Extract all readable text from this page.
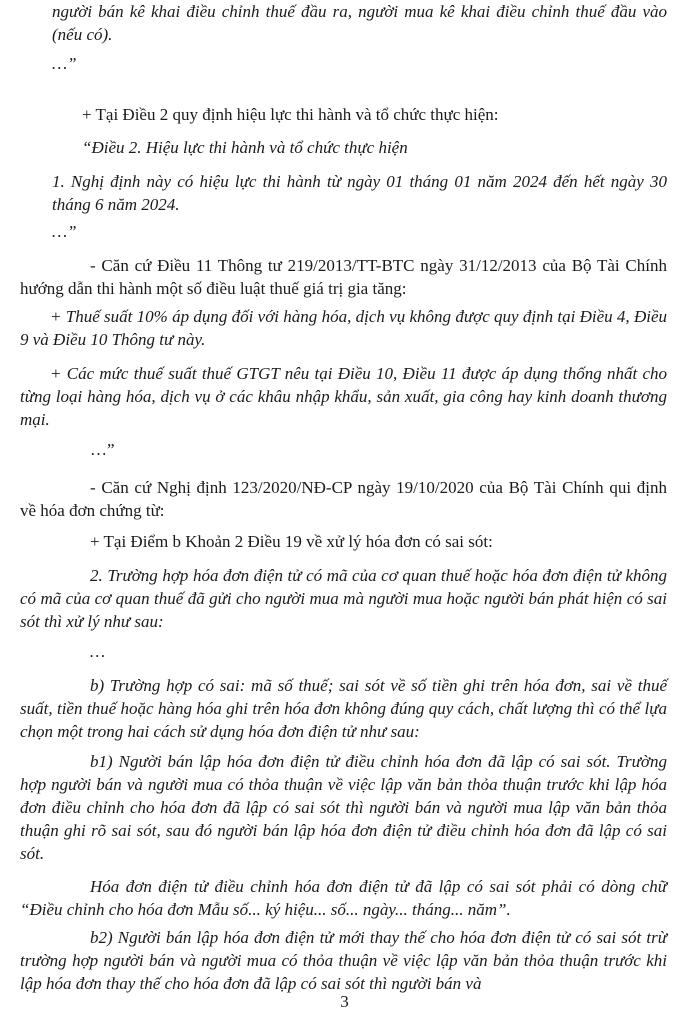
người bán kê khai điều chỉnh thuế đầu ra, người mua kê khai điều chỉnh thuế đầu vào (nếu có).

…”

+ Tại Điều 2 quy định hiệu lực thi hành và tổ chức thực hiện:

“Điều 2. Hiệu lực thi hành và tổ chức thực hiện

1. Nghị định này có hiệu lực thi hành từ ngày 01 tháng 01 năm 2024 đến hết ngày 30 tháng 6 năm 2024.

…”

- Căn cứ Điều 11 Thông tư 219/2013/TT-BTC ngày 31/12/2013 của Bộ Tài Chính hướng dẫn thi hành một số điều luật thuế giá trị gia tăng:

+ Thuế suất 10% áp dụng đối với hàng hóa, dịch vụ không được quy định tại Điều 4, Điều 9 và Điều 10 Thông tư này.

+ Các mức thuế suất thuế GTGT nêu tại Điều 10, Điều 11 được áp dụng thống nhất cho từng loại hàng hóa, dịch vụ ở các khâu nhập khẩu, sản xuất, gia công hay kinh doanh thương mại.

…”

- Căn cứ Nghị định 123/2020/NĐ-CP ngày 19/10/2020 của Bộ Tài Chính qui định về hóa đơn chứng từ:

+ Tại Điểm b Khoản 2 Điều 19 về xử lý hóa đơn có sai sót:

2. Trường hợp hóa đơn điện tử có mã của cơ quan thuế hoặc hóa đơn điện tử không có mã của cơ quan thuế đã gửi cho người mua mà người mua hoặc người bán phát hiện có sai sót thì xử lý như sau:

…

b) Trường hợp có sai: mã số thuế; sai sót về số tiền ghi trên hóa đơn, sai về thuế suất, tiền thuế hoặc hàng hóa ghi trên hóa đơn không đúng quy cách, chất lượng thì có thể lựa chọn một trong hai cách sử dụng hóa đơn điện tử như sau:

b1) Người bán lập hóa đơn điện tử điều chỉnh hóa đơn đã lập có sai sót. Trường hợp người bán và người mua có thỏa thuận về việc lập văn bản thỏa thuận trước khi lập hóa đơn điều chỉnh cho hóa đơn đã lập có sai sót thì người bán và người mua lập văn bản thỏa thuận ghi rõ sai sót, sau đó người bán lập hóa đơn điện tử điều chỉnh hóa đơn đã lập có sai sót.

Hóa đơn điện tử điều chỉnh hóa đơn điện tử đã lập có sai sót phải có dòng chữ “Điều chỉnh cho hóa đơn Mẫu số... ký hiệu... số... ngày... tháng... năm”.

b2) Người bán lập hóa đơn điện tử mới thay thế cho hóa đơn điện tử có sai sót trừ trường hợp người bán và người mua có thỏa thuận về việc lập văn bản thỏa thuận trước khi lập hóa đơn thay thế cho hóa đơn đã lập có sai sót thì người bán và

3
